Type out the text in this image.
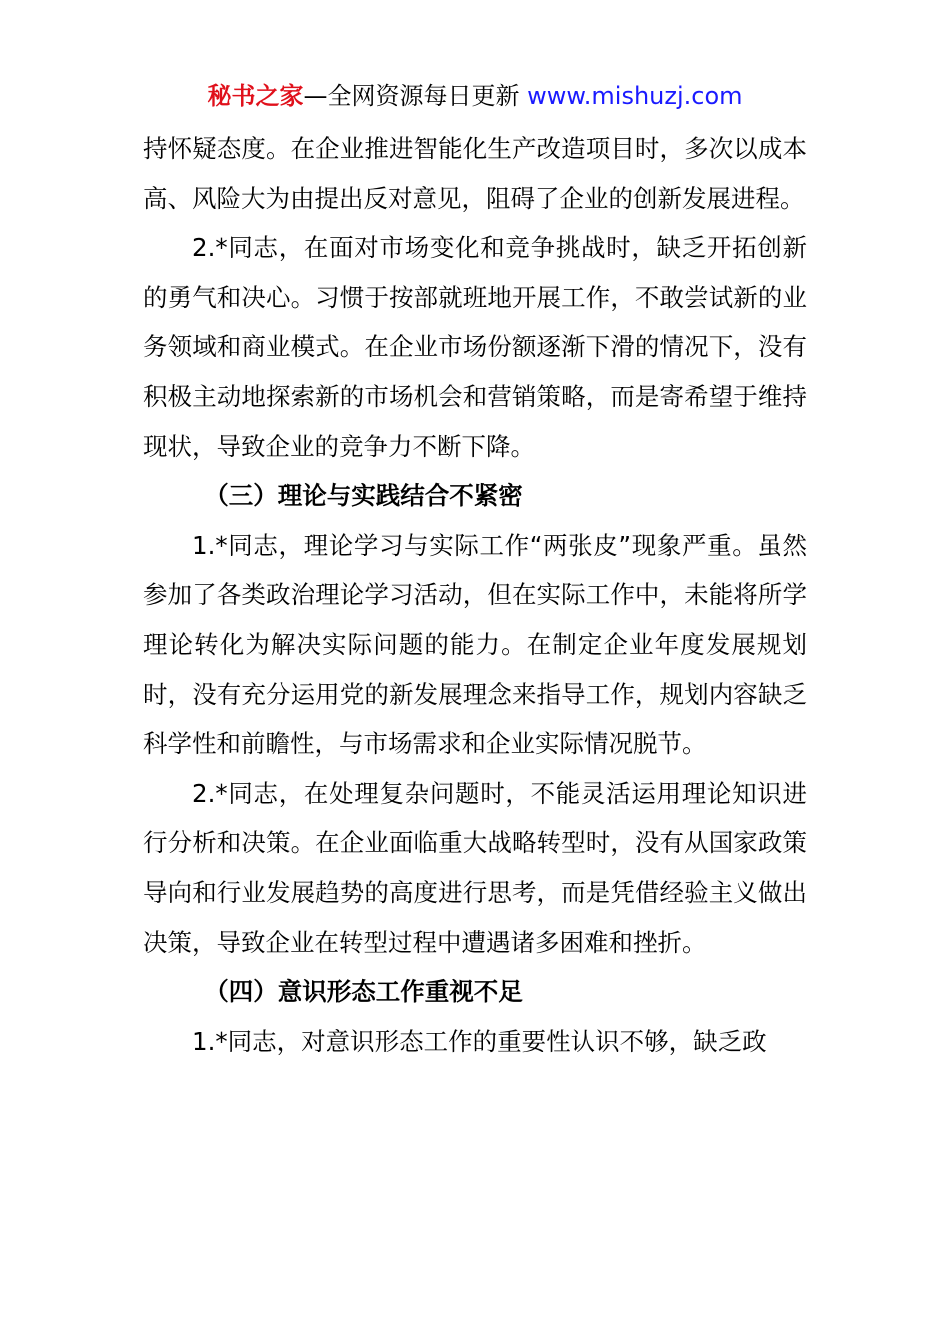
秘书之家—全网资源每日更新 www.mishuzj.com

持怀疑态度。在企业推进智能化生产改造项目时，多次以成本高、风险大为由提出反对意见，阻碍了企业的创新发展进程。

2.*同志，在面对市场变化和竞争挑战时，缺乏开拓创新的勇气和决心。习惯于按部就班地开展工作，不敢尝试新的业务领域和商业模式。在企业市场份额逐渐下滑的情况下，没有积极主动地探索新的市场机会和营销策略，而是寄希望于维持现状，导致企业的竞争力不断下降。

（三）理论与实践结合不紧密

1.*同志，理论学习与实际工作“两张皮”现象严重。虽然参加了各类政治理论学习活动，但在实际工作中，未能将所学理论转化为解决实际问题的能力。在制定企业年度发展规划时，没有充分运用党的新发展理念来指导工作，规划内容缺乏科学性和前瞻性，与市场需求和企业实际情况脱节。

2.*同志，在处理复杂问题时，不能灵活运用理论知识进行分析和决策。在企业面临重大战略转型时，没有从国家政策导向和行业发展趋势的高度进行思考，而是凭借经验主义做出决策，导致企业在转型过程中遭遇诸多困难和挫折。

（四）意识形态工作重视不足

1.*同志，对意识形态工作的重要性认识不够，缺乏政
